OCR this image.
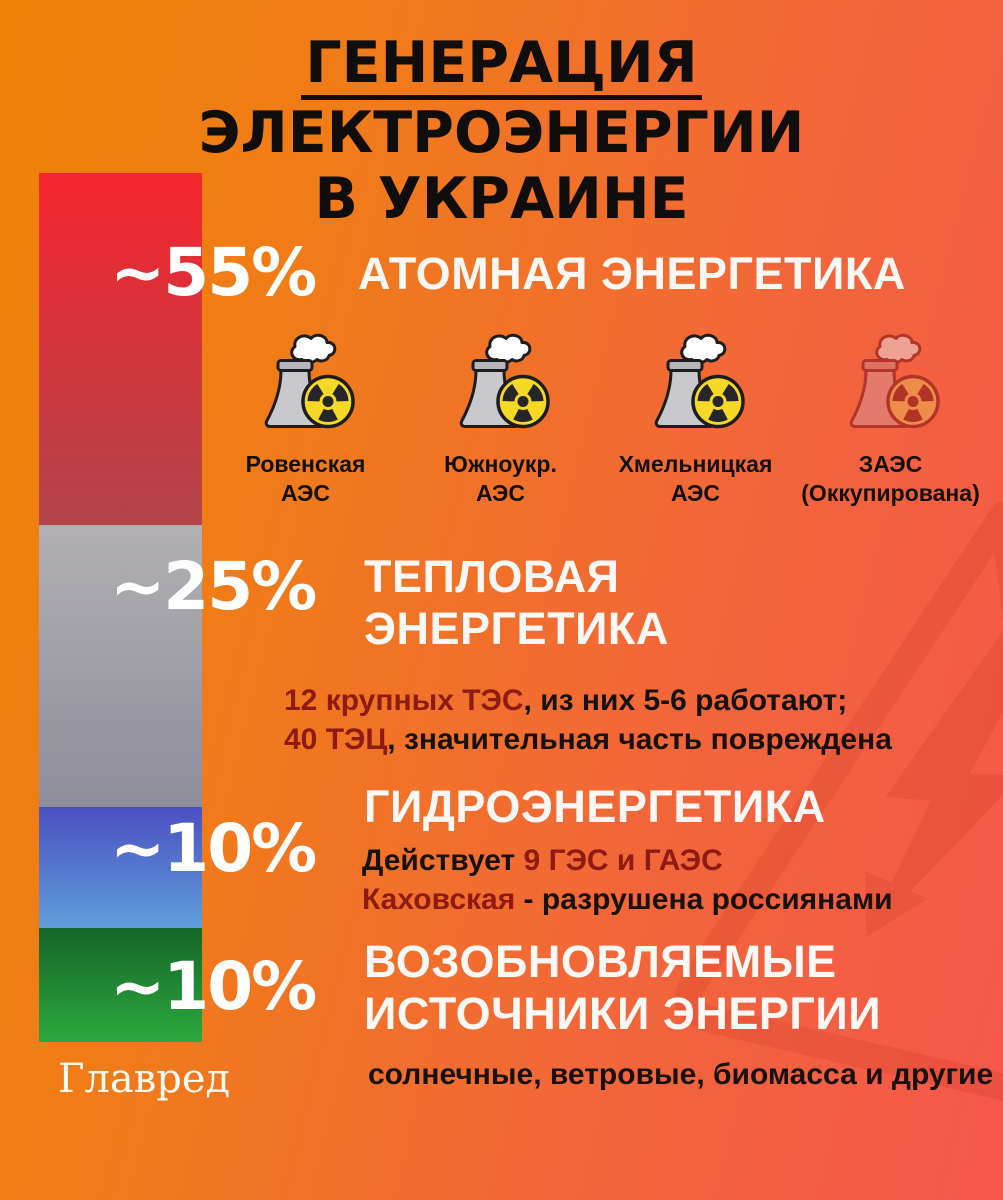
ГЕНЕРАЦИЯ
ЭЛЕКТРОЭНЕРГИИ
В УКРАИНЕ
~55%
~25%
~10%
~10%
АТОМНАЯ ЭНЕРГЕТИКА
Ровенская
АЭС
Южноукр.
АЭС
Хмельницкая
АЭС
ЗАЭС
(Оккупирована)
ТЕПЛОВАЯ
ЭНЕРГЕТИКА
12 крупных ТЭС, из них 5-6 работают;
40 ТЭЦ, значительная часть повреждена
ГИДРОЭНЕРГЕТИКА
Действует 9 ГЭС и ГАЭС
Каховская - разрушена россиянами
ВОЗОБНОВЛЯЕМЫЕ
ИСТОЧНИКИ ЭНЕРГИИ
солнечные, ветровые, биомасса и другие
Главред
